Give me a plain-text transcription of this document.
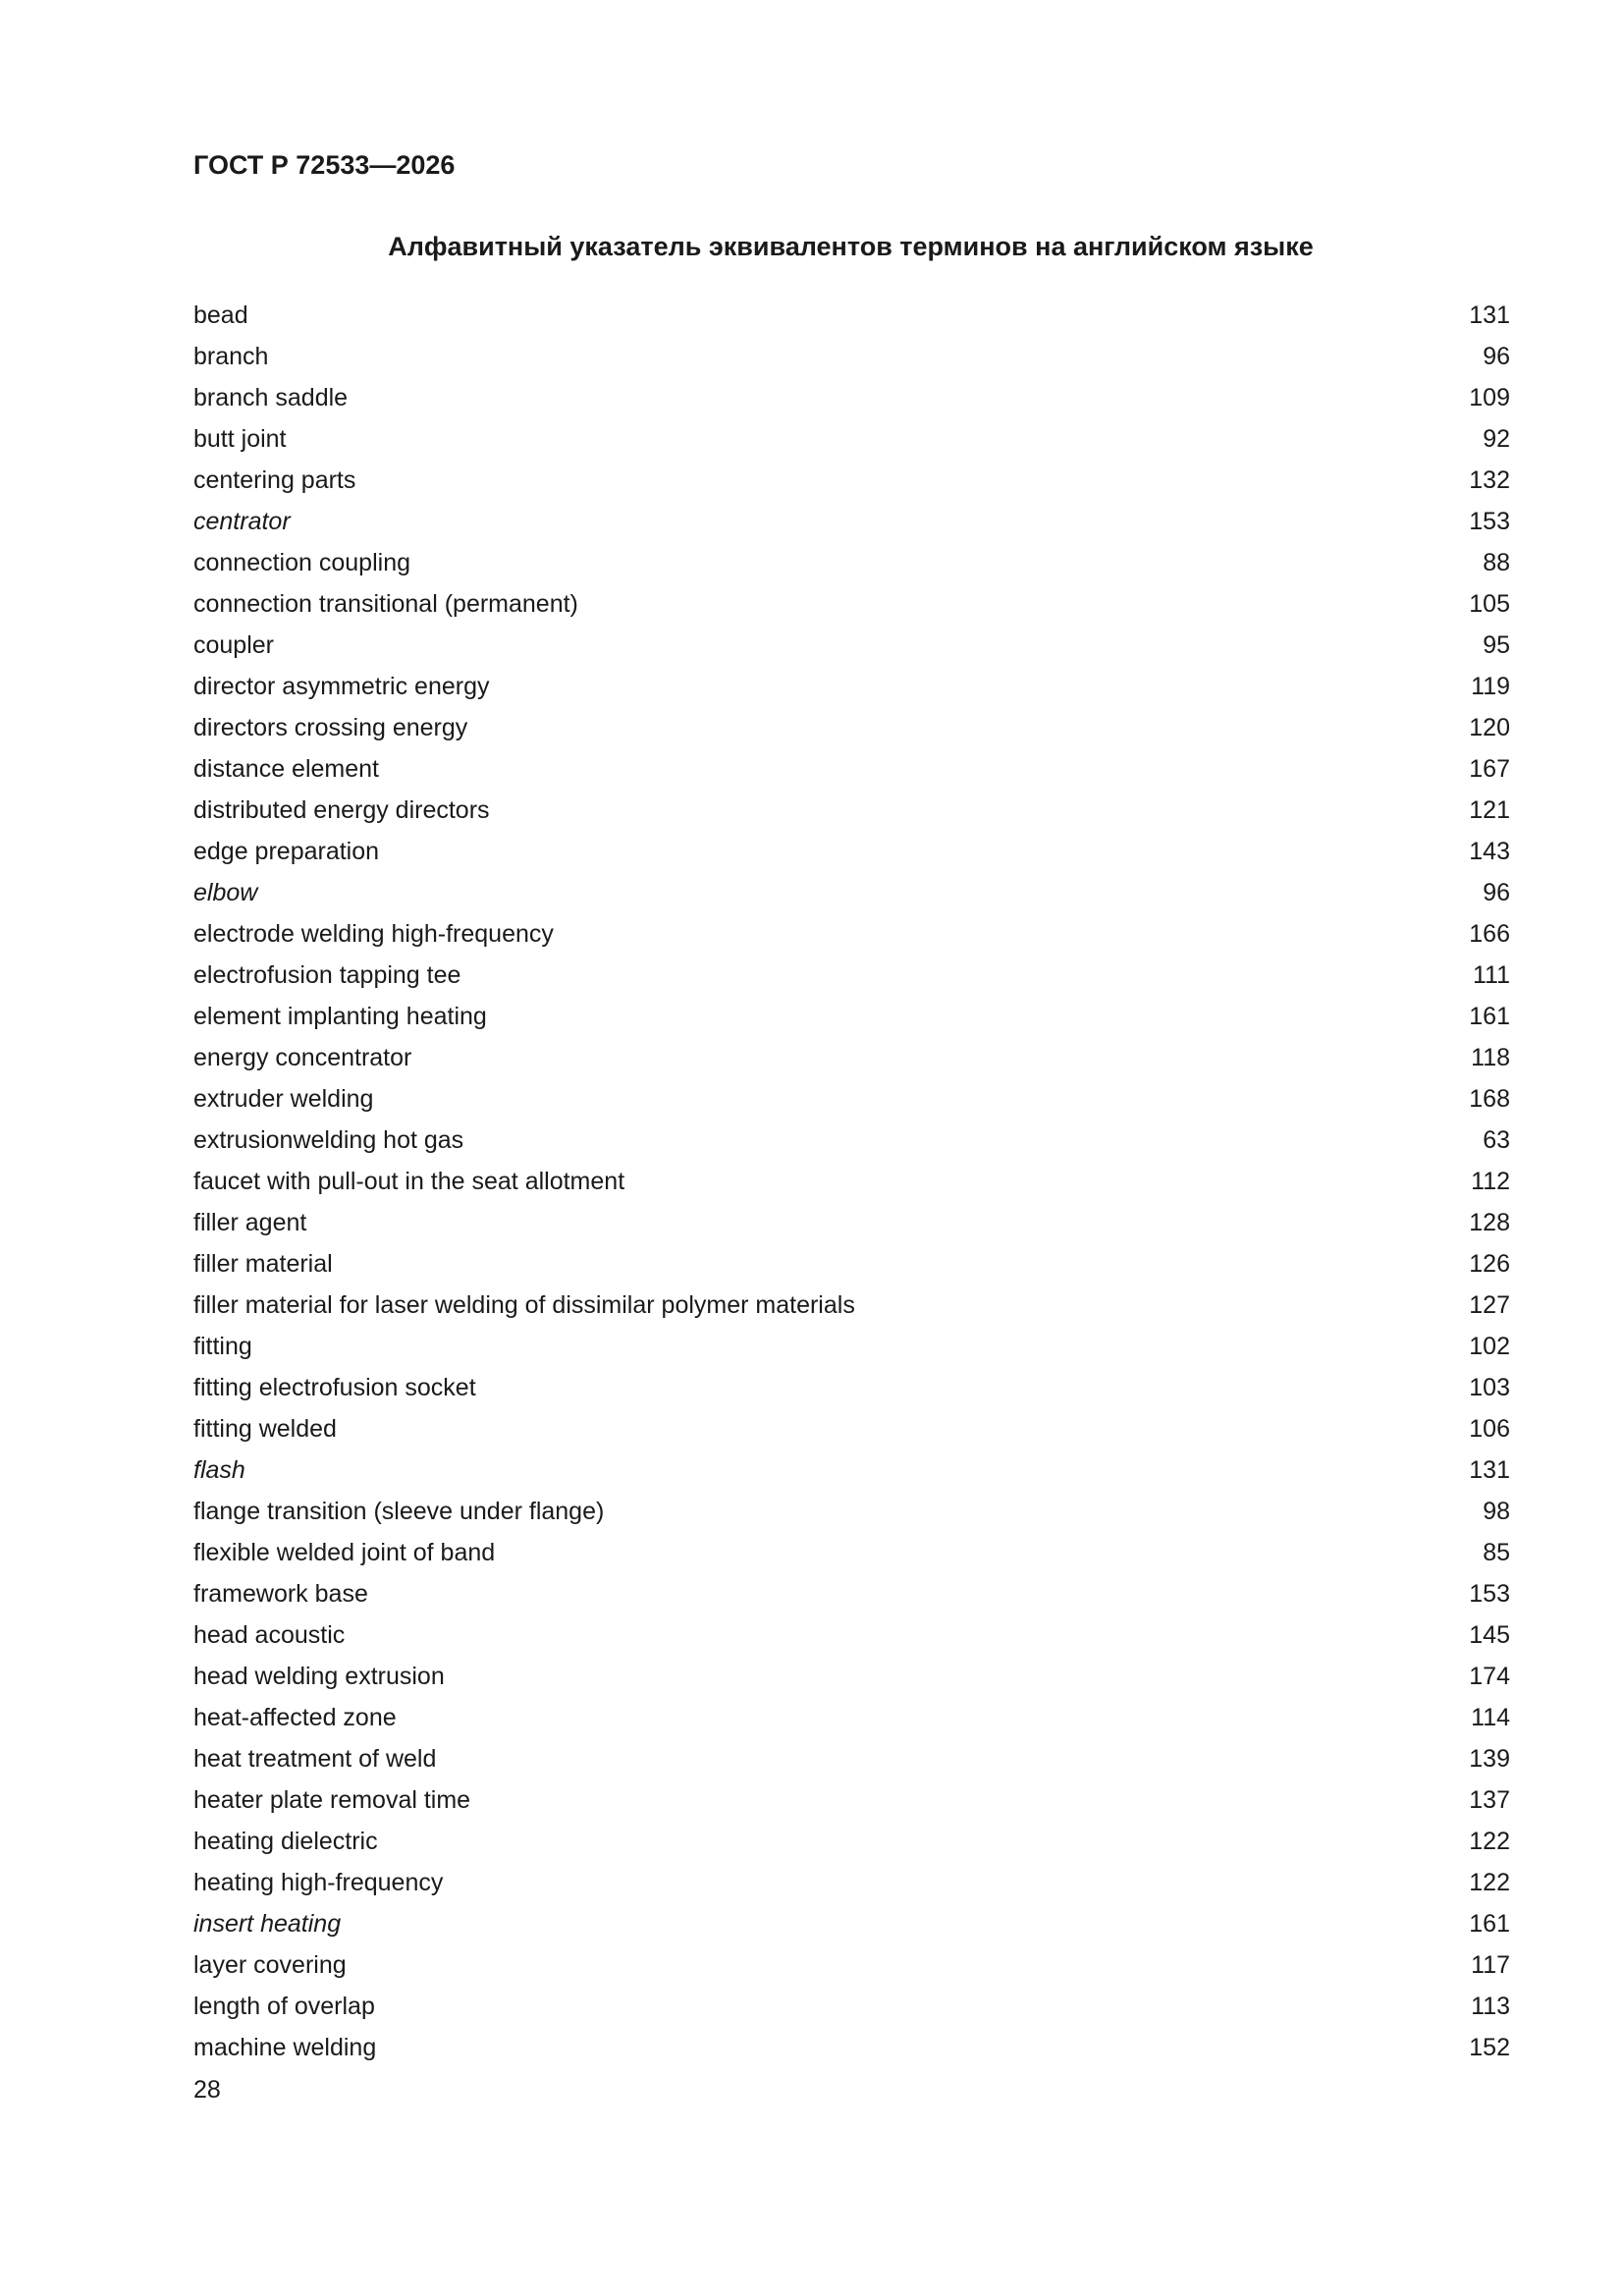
ГОСТ Р 72533—2026
Алфавитный указатель эквивалентов терминов на английском языке
bead	131
branch	96
branch saddle	109
butt joint	92
centering parts	132
centrator	153
connection coupling	88
connection transitional (permanent)	105
coupler	95
director asymmetric energy	119
directors crossing energy	120
distance element	167
distributed energy directors	121
edge preparation	143
elbow	96
electrode welding high-frequency	166
electrofusion tapping tee	111
element implanting heating	161
energy concentrator	118
extruder welding	168
extrusionwelding hot gas	63
faucet with pull-out in the seat allotment	112
filler agent	128
filler material	126
filler material for laser welding of dissimilar polymer materials	127
fitting	102
fitting electrofusion socket	103
fitting welded	106
flash	131
flange transition (sleeve under flange)	98
flexible welded joint of band	85
framework base	153
head acoustic	145
head welding extrusion	174
heat-affected zone	114
heat treatment of weld	139
heater plate removal time	137
heating dielectric	122
heating high-frequency	122
insert heating	161
layer covering	117
length of overlap	113
machine welding	152
28
